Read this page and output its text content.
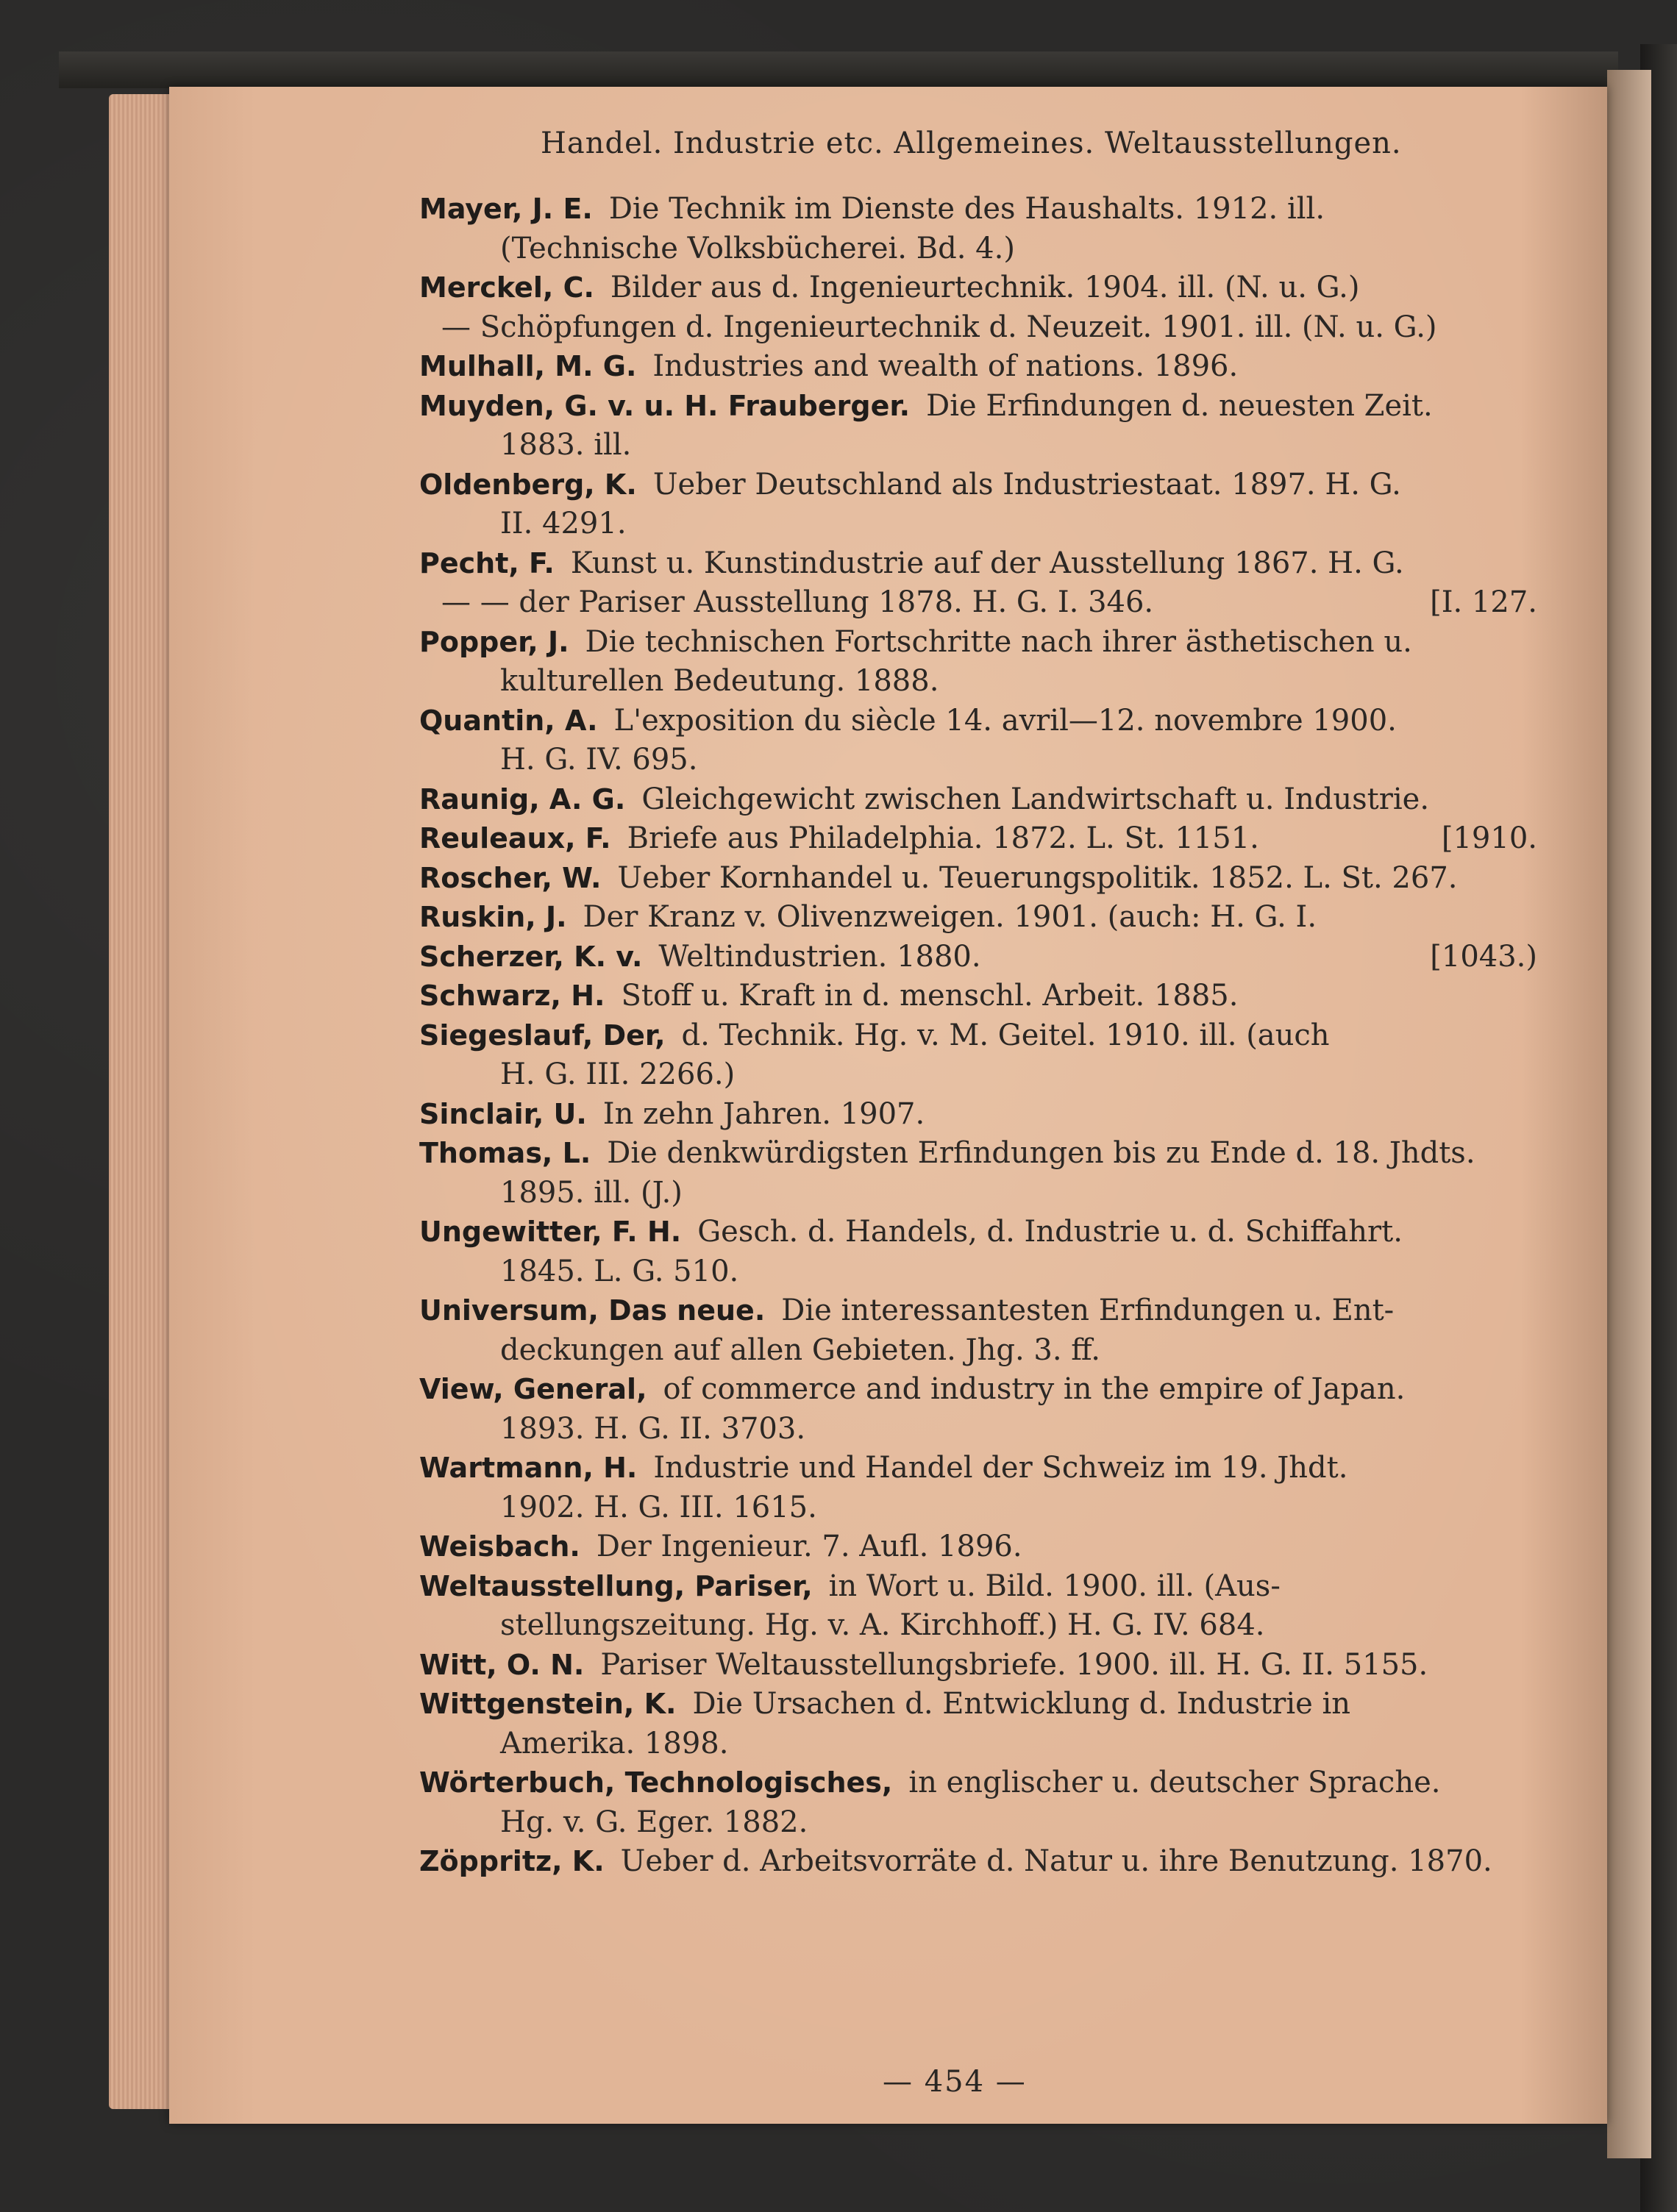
Handel. Industrie etc. Allgemeines. Weltausstellungen.
Mayer, J. E. Die Technik im Dienste des Haushalts. 1912. ill.
(Technische Volksbücherei. Bd. 4.)
Merckel, C. Bilder aus d. Ingenieurtechnik. 1904. ill. (N. u. G.)
— Schöpfungen d. Ingenieurtechnik d. Neuzeit. 1901. ill. (N. u. G.)
Mulhall, M. G. Industries and wealth of nations. 1896.
Muyden, G. v. u. H. Frauberger. Die Erfindungen d. neuesten Zeit.
1883. ill.
Oldenberg, K. Ueber Deutschland als Industriestaat. 1897. H. G.
II. 4291.
Pecht, F. Kunst u. Kunstindustrie auf der Ausstellung 1867. H. G.
— — der Pariser Ausstellung 1878. H. G. I. 346.	[I. 127.
Popper, J. Die technischen Fortschritte nach ihrer ästhetischen u.
kulturellen Bedeutung. 1888.
Quantin, A. L'exposition du siècle 14. avril—12. novembre 1900.
H. G. IV. 695.
Raunig, A. G. Gleichgewicht zwischen Landwirtschaft u. Industrie.
Reuleaux, F. Briefe aus Philadelphia. 1872. L. St. 1151.	[1910.
Roscher, W. Ueber Kornhandel u. Teuerungspolitik. 1852. L. St. 267.
Ruskin, J. Der Kranz v. Olivenzweigen. 1901. (auch: H. G. I.
Scherzer, K. v. Weltindustrien. 1880.	[1043.)
Schwarz, H. Stoff u. Kraft in d. menschl. Arbeit. 1885.
Siegeslauf, Der, d. Technik. Hg. v. M. Geitel. 1910. ill. (auch
H. G. III. 2266.)
Sinclair, U. In zehn Jahren. 1907.
Thomas, L. Die denkwürdigsten Erfindungen bis zu Ende d. 18. Jhdts.
1895. ill. (J.)
Ungewitter, F. H. Gesch. d. Handels, d. Industrie u. d. Schiffahrt.
1845. L. G. 510.
Universum, Das neue. Die interessantesten Erfindungen u. Ent-
deckungen auf allen Gebieten. Jhg. 3. ff.
View, General, of commerce and industry in the empire of Japan.
1893. H. G. II. 3703.
Wartmann, H. Industrie und Handel der Schweiz im 19. Jhdt.
1902. H. G. III. 1615.
Weisbach. Der Ingenieur. 7. Aufl. 1896.
Weltausstellung, Pariser, in Wort u. Bild. 1900. ill. (Aus-
stellungszeitung. Hg. v. A. Kirchhoff.) H. G. IV. 684.
Witt, O. N. Pariser Weltausstellungsbriefe. 1900. ill. H. G. II. 5155.
Wittgenstein, K. Die Ursachen d. Entwicklung d. Industrie in
Amerika. 1898.
Wörterbuch, Technologisches, in englischer u. deutscher Sprache.
Hg. v. G. Eger. 1882.
Zöppritz, K. Ueber d. Arbeitsvorräte d. Natur u. ihre Benutzung. 1870.
— 454 —
